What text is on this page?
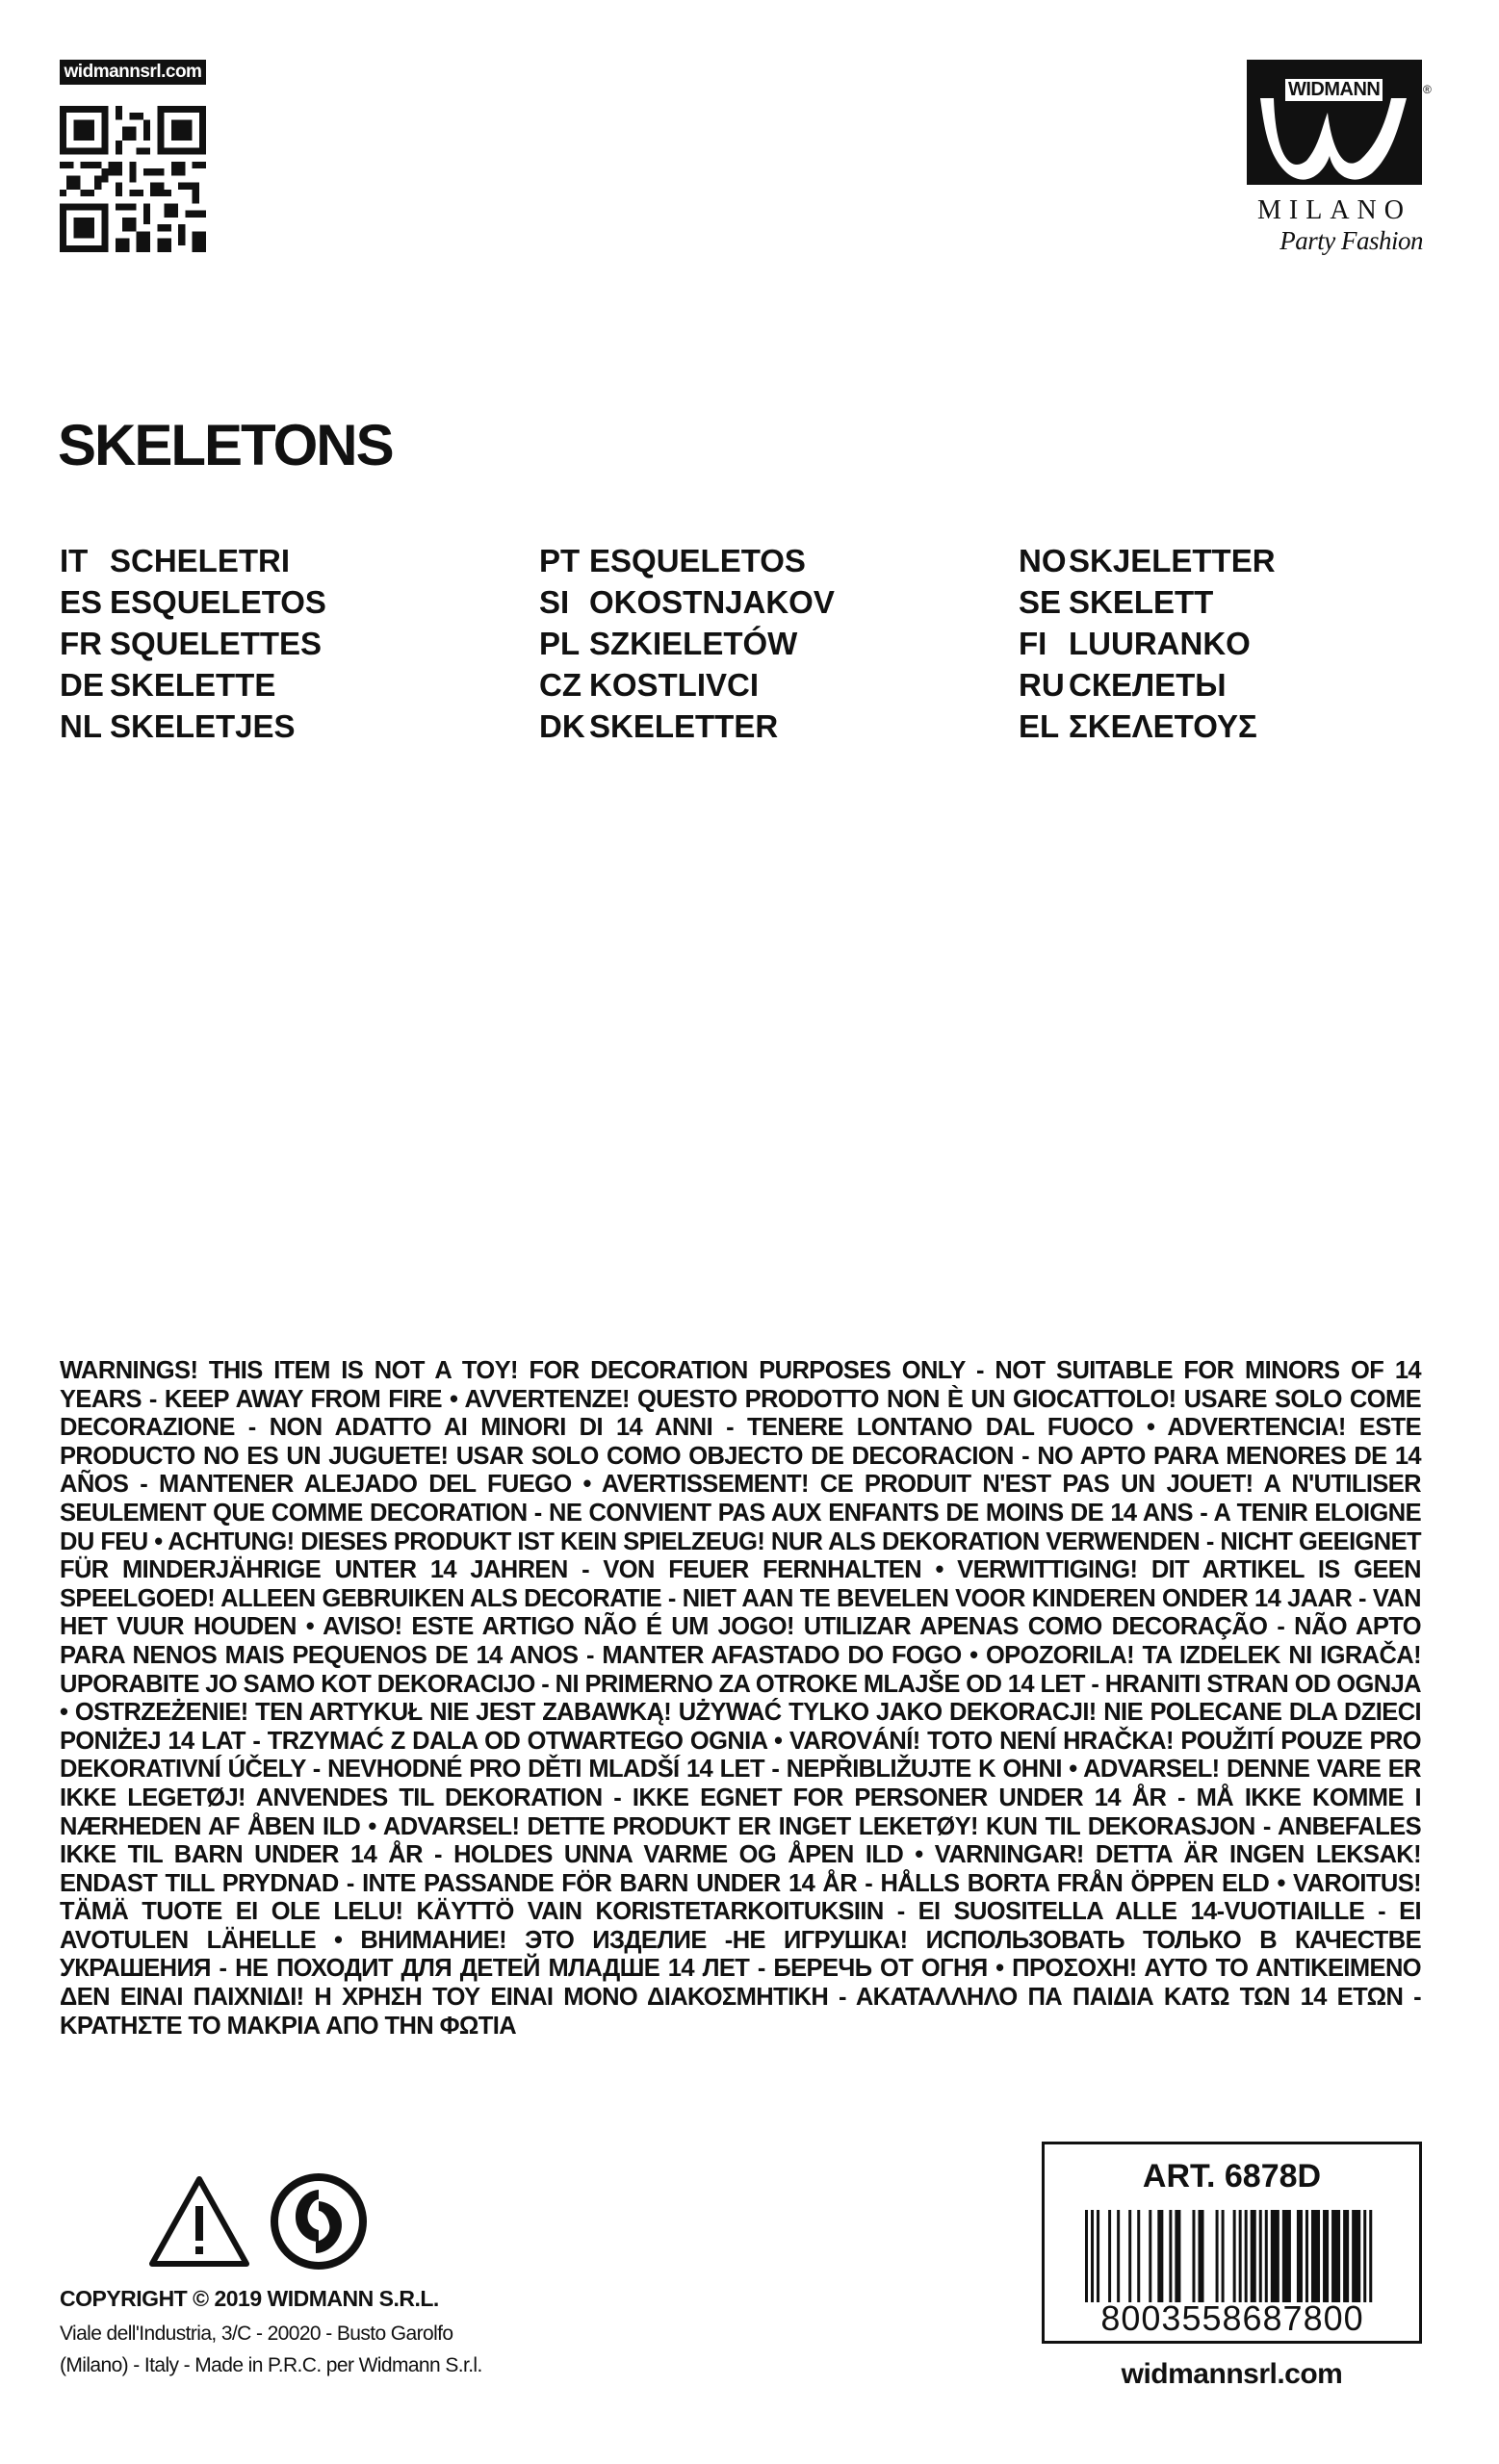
widmannsrl.com
WIDMANN	®
MILANO
Party Fashion
SKELETONS
IT SCHELETRI
ES ESQUELETOS
FR SQUELETTES
DE SKELETTE
NL SKELETJES
PT ESQUELETOS
SI OKOSTNJAKOV
PL SZKIELETÓW
CZ KOSTLIVCI
DK SKELETTER
NOSKJELETTER
SE SKELETT
FI LUURANKO
RU СКЕЛЕТЫ
EL ΣΚΕΛΕΤΟΥΣ
WARNINGS! THIS ITEM IS NOT A TOY! FOR DECORATION PURPOSES ONLY - NOT SUITABLE FOR MINORS OF 14 YEARS - KEEP AWAY FROM FIRE • AVVERTENZE! QUESTO PRODOTTO NON È UN GIOCATTOLO! USARE SOLO COME DECORAZIONE - NON ADATTO AI MINORI DI 14 ANNI - TENERE LONTANO DAL FUOCO • ADVERTENCIA! ESTE PRODUCTO NO ES UN JUGUETE! USAR SOLO COMO OBJECTO DE DECORACION - NO APTO PARA MENORES DE 14 AÑOS - MANTENER ALEJADO DEL FUEGO • AVERTISSEMENT! CE PRODUIT N'EST PAS UN JOUET! A N'UTILISER SEULEMENT QUE COMME DECORATION - NE CONVIENT PAS AUX ENFANTS DE MOINS DE 14 ANS - A TENIR ELOIGNE DU FEU • ACHTUNG! DIESES PRODUKT IST KEIN SPIELZEUG! NUR ALS DEKORATION VERWENDEN - NICHT GEEIGNET FÜR MINDERJÄHRIGE UNTER 14 JAHREN - VON FEUER FERNHALTEN • VERWITTIGING! DIT ARTIKEL IS GEEN SPEELGOED! ALLEEN GEBRUIKEN ALS DECORATIE - NIET AAN TE BEVELEN VOOR KINDEREN ONDER 14 JAAR - VAN HET VUUR HOUDEN • AVISO! ESTE ARTIGO NÃO É UM JOGO! UTILIZAR APENAS COMO DECORAÇÃO - NÃO APTO PARA NENOS MAIS PEQUENOS DE 14 ANOS - MANTER AFASTADO DO FOGO • OPOZORILA! TA IZDELEK NI IGRAČA! UPORABITE JO SAMO KOT DEKORACIJO - NI PRIMERNO ZA OTROKE MLAJŠE OD 14 LET - HRANITI STRAN OD OGNJA • OSTRZEŻENIE! TEN ARTYKUŁ NIE JEST ZABAWKĄ! UŻYWAĆ TYLKO JAKO DEKORACJI! NIE POLECANE DLA DZIECI PONIŻEJ 14 LAT - TRZYMAĆ Z DALA OD OTWARTEGO OGNIA • VAROVÁNÍ! TOTO NENÍ HRAČKA! POUŽITÍ POUZE PRO DEKORATIVNÍ ÚČELY - NEVHODNÉ PRO DĚTI MLADŠÍ 14 LET - NEPŘIBLIŽUJTE K OHNI • ADVARSEL! DENNE VARE ER IKKE LEGETØJ! ANVENDES TIL DEKORATION - IKKE EGNET FOR PERSONER UNDER 14 ÅR - MÅ IKKE KOMME I NÆRHEDEN AF ÅBEN ILD • ADVARSEL! DETTE PRODUKT ER INGET LEKETØY! KUN TIL DEKORASJON - ANBEFALES IKKE TIL BARN UNDER 14 ÅR - HOLDES UNNA VARME OG ÅPEN ILD • VARNINGAR! DETTA ÄR INGEN LEKSAK! ENDAST TILL PRYDNAD - INTE PASSANDE FÖR BARN UNDER 14 ÅR - HÅLLS BORTA FRÅN ÖPPEN ELD • VAROITUS! TÄMÄ TUOTE EI OLE LELU! KÄYTTÖ VAIN KORISTETARKOITUKSIIN - EI SUOSITELLA ALLE 14-VUOTIAILLE - EI AVOTULEN LÄHELLE • ВНИМАНИЕ! ЭТО ИЗДЕЛИЕ -НЕ ИГРУШКА! ИСПОЛЬЗОВАТЬ ТОЛЬКО В КАЧЕСТВЕ УКРАШЕНИЯ - НЕ ПОХОДИТ ДЛЯ ДЕТЕЙ МЛАДШЕ 14 ЛЕТ - БЕРЕЧЬ ОТ ОГНЯ • ΠΡΟΣΟΧΗ! ΑΥΤΟ ΤΟ ΑΝΤΙΚΕΙΜΕΝΟ ΔΕΝ ΕΙΝΑΙ ΠΑΙΧΝΙΔΙ! Η ΧΡΗΣΗ ΤΟΥ ΕΙΝΑΙ ΜΟΝΟ ΔΙΑΚΟΣΜΗΤΙΚΗ - ΑΚΑΤΑΛΛΗΛΟ ΠΑ ΠΑΙΔΙΑ ΚΑΤΩ ΤΩΝ 14 ΕΤΩΝ - ΚΡΑΤΗΣΤΕ ΤΟ ΜΑΚΡΙΑ ΑΠΟ ΤΗΝ ΦΩΤΙΑ
COPYRIGHT © 2019 WIDMANN S.R.L.
Viale dell'Industria, 3/C - 20020 - Busto Garolfo
(Milano) - Italy - Made in P.R.C. per Widmann S.r.l.
ART. 6878D
8003558687800
widmannsrl.com
